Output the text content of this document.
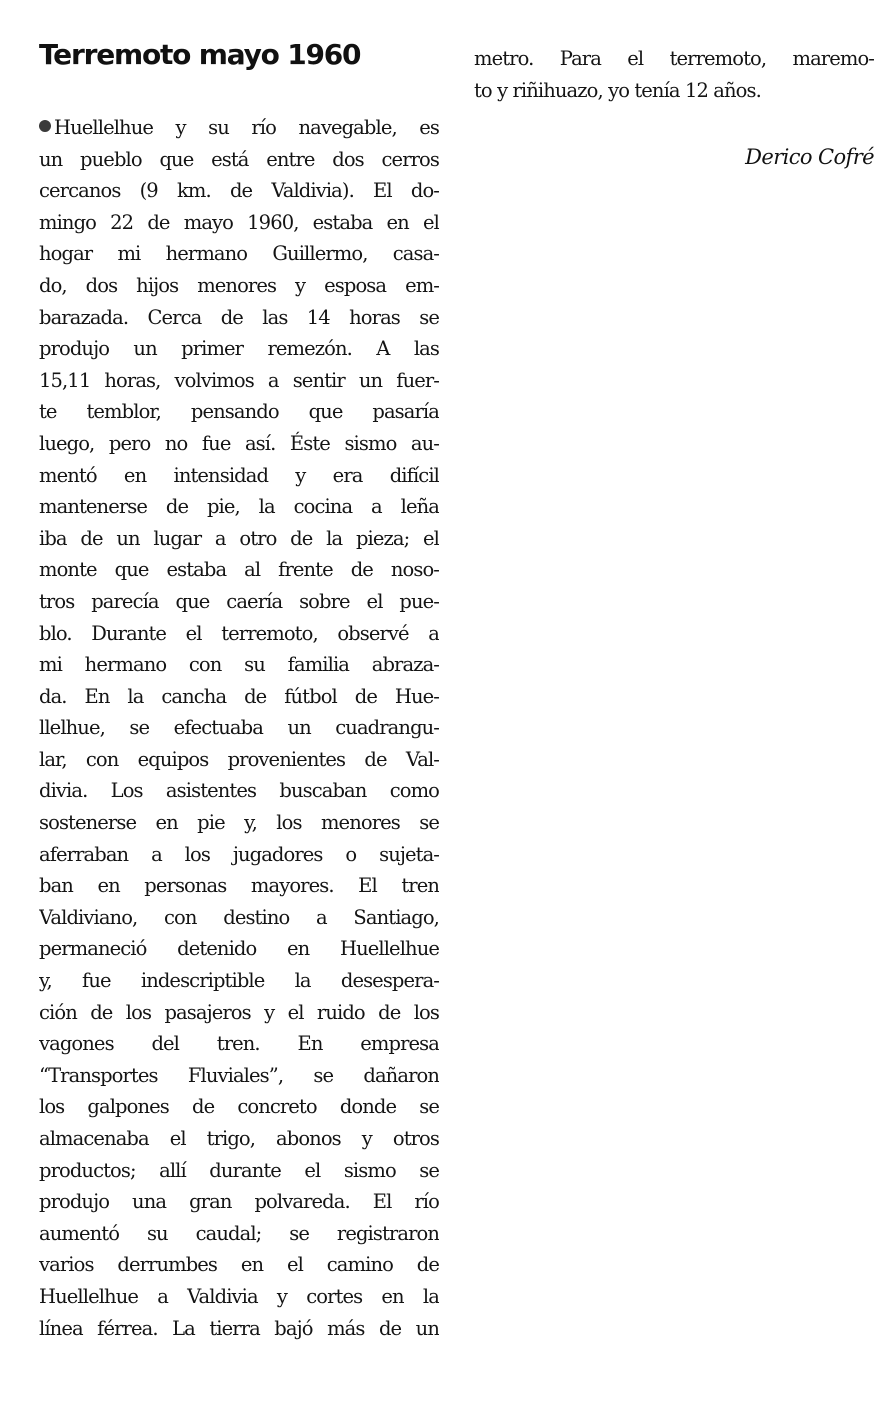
Terremoto mayo 1960
Huellelhue y su río navegable, es
un pueblo que está entre dos cerros
cercanos (9 km. de Valdivia). El do-
mingo 22 de mayo 1960, estaba en el
hogar mi hermano Guillermo, casa-
do, dos hijos menores y esposa em-
barazada. Cerca de las 14 horas se
produjo un primer remezón. A las
15,11 horas, volvimos a sentir un fuer-
te temblor, pensando que pasaría
luego, pero no fue así. Éste sismo au-
mentó en intensidad y era difícil
mantenerse de pie, la cocina a leña
iba de un lugar a otro de la pieza; el
monte que estaba al frente de noso-
tros parecía que caería sobre el pue-
blo. Durante el terremoto, observé a
mi hermano con su familia abraza-
da. En la cancha de fútbol de Hue-
llelhue, se efectuaba un cuadrangu-
lar, con equipos provenientes de Val-
divia. Los asistentes buscaban como
sostenerse en pie y, los menores se
aferraban a los jugadores o sujeta-
ban en personas mayores. El tren
Valdiviano, con destino a Santiago,
permaneció detenido en Huellelhue
y, fue indescriptible la desespera-
ción de los pasajeros y el ruido de los
vagones del tren. En empresa
“Transportes Fluviales”, se dañaron
los galpones de concreto donde se
almacenaba el trigo, abonos y otros
productos; allí durante el sismo se
produjo una gran polvareda. El río
aumentó su caudal; se registraron
varios derrumbes en el camino de
Huellelhue a Valdivia y cortes en la
línea férrea. La tierra bajó más de un
metro. Para el terremoto, maremo-
to y riñihuazo, yo tenía 12 años.
Derico Cofré
